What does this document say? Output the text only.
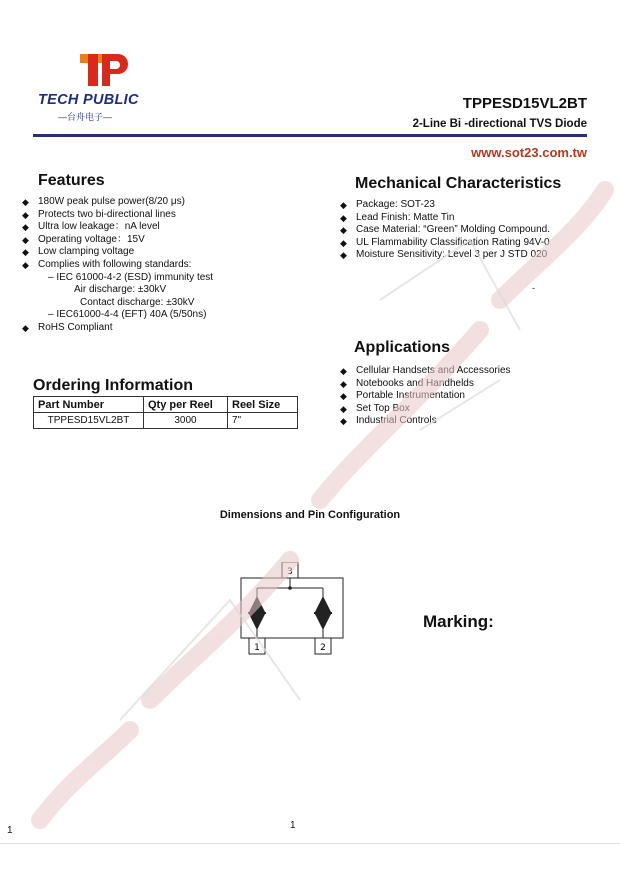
TECH PUBLIC
—台舟电子—
TPPESD15VL2BT
2-Line Bi -directional TVS Diode
www.sot23.com.tw
Features
◆ 180W peak pulse power(8/20 μs)
◆ Protects two bi-directional lines
◆ Ultra low leakage：nA level
◆ Operating voltage：15V
◆ Low clamping voltage
◆ Complies with following standards:
– IEC 61000-4-2 (ESD) immunity test
Air discharge: ±30kV
Contact discharge: ±30kV
– IEC61000-4-4 (EFT) 40A (5/50ns)
◆ RoHS Compliant
Mechanical Characteristics
◆ Package: SOT-23
◆ Lead Finish: Matte Tin
◆ Case Material: “Green” Molding Compound.
◆ UL Flammability Classification Rating 94V-0
◆ Moisture Sensitivity: Level 3 per J STD 020
-
Applications
◆ Cellular Handsets and Accessories
◆ Notebooks and Handhelds
◆ Portable Instrumentation
◆ Set Top Box
◆ Industrial Controls
Ordering Information
Part Number	Qty per Reel	Reel Size
TPPESD15VL2BT	3000	7"
Dimensions and Pin Configuration
3
1	2
Marking:
1	1
